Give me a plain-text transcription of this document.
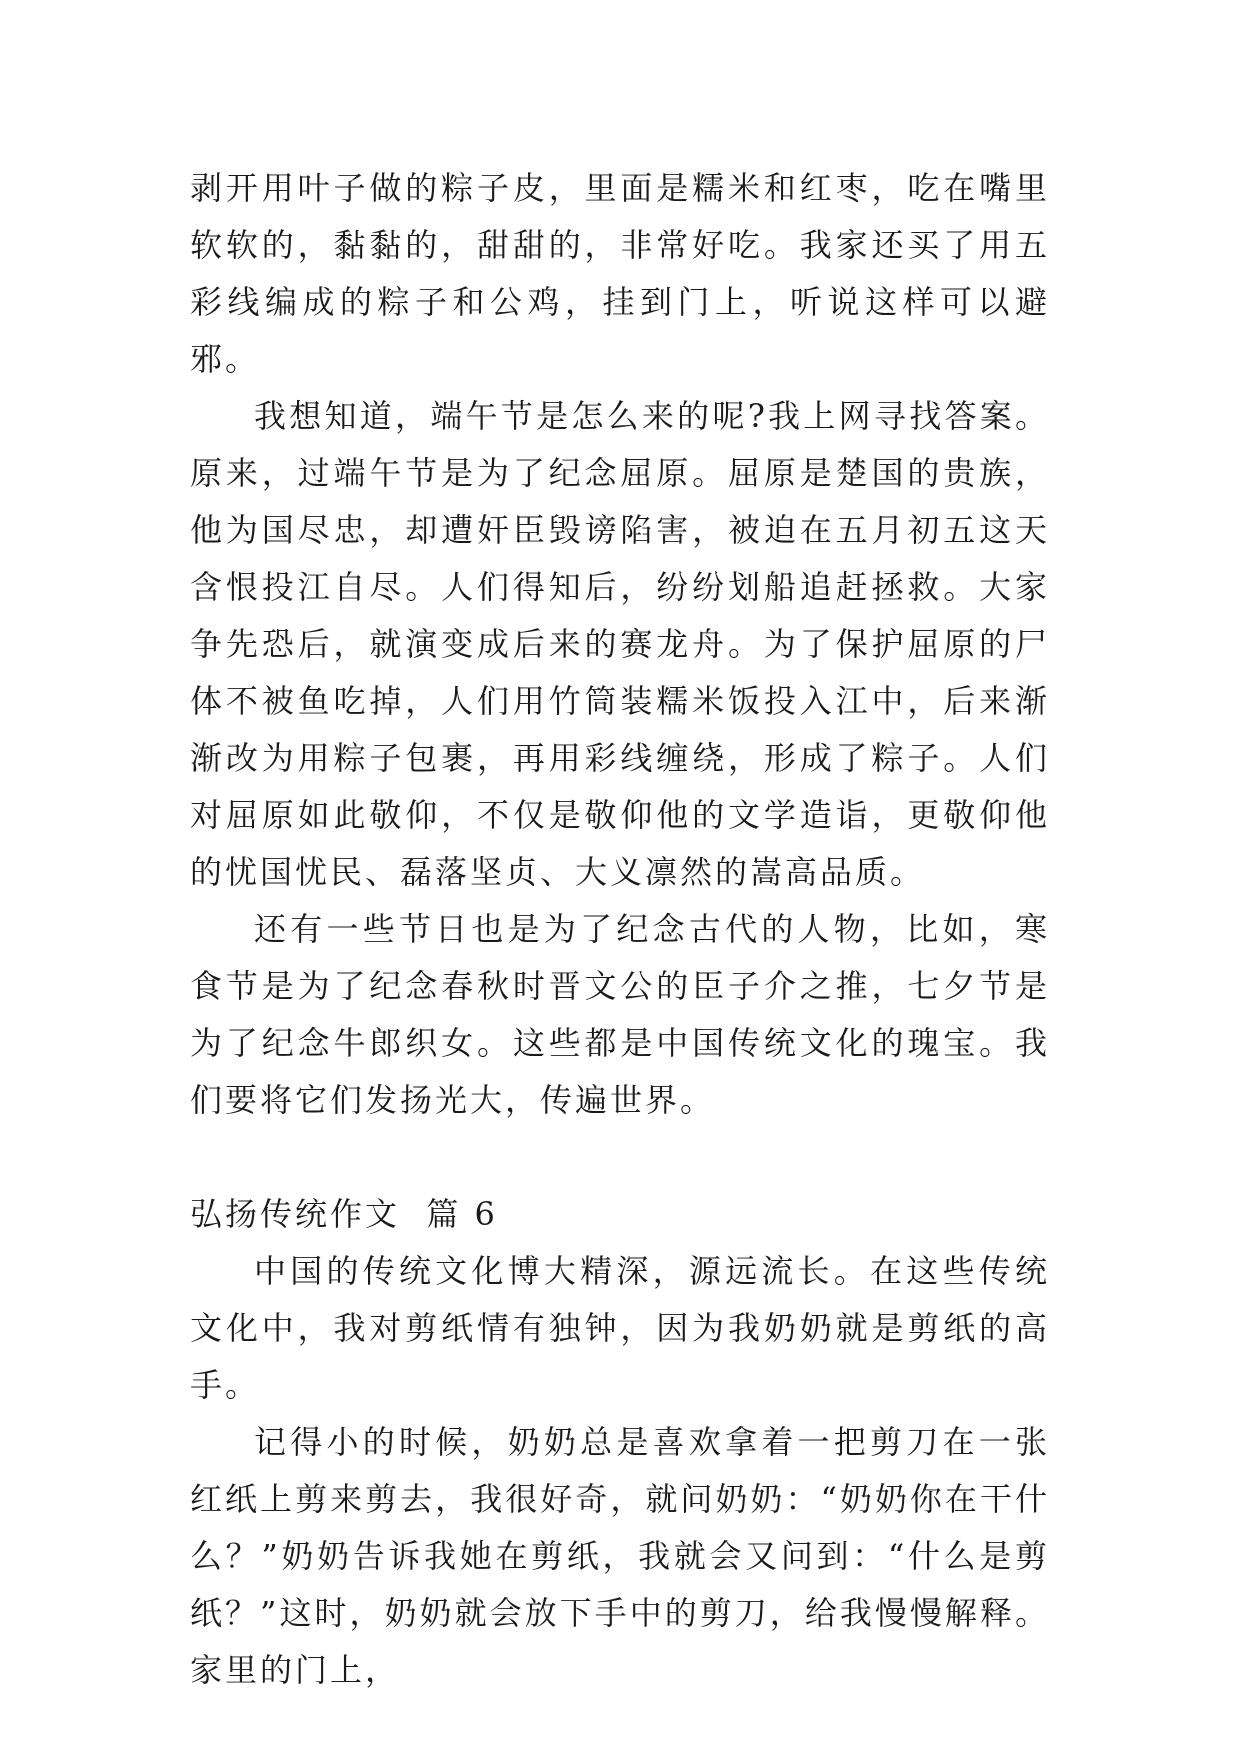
剥开用叶子做的粽子皮，里面是糯米和红枣，吃在嘴里软软的，黏黏的，甜甜的，非常好吃。我家还买了用五彩线编成的粽子和公鸡，挂到门上，听说这样可以避邪。

我想知道，端午节是怎么来的呢?我上网寻找答案。原来，过端午节是为了纪念屈原。屈原是楚国的贵族，他为国尽忠，却遭奸臣毁谤陷害，被迫在五月初五这天含恨投江自尽。人们得知后，纷纷划船追赶拯救。大家争先恐后，就演变成后来的赛龙舟。为了保护屈原的尸体不被鱼吃掉，人们用竹筒装糯米饭投入江中，后来渐渐改为用粽子包裹，再用彩线缠绕，形成了粽子。人们对屈原如此敬仰，不仅是敬仰他的文学造诣，更敬仰他的忧国忧民、磊落坚贞、大义凛然的嵩高品质。

还有一些节日也是为了纪念古代的人物，比如，寒食节是为了纪念春秋时晋文公的臣子介之推，七夕节是为了纪念牛郎织女。这些都是中国传统文化的瑰宝。我们要将它们发扬光大，传遍世界。

弘扬传统作文  篇 6

中国的传统文化博大精深，源远流长。在这些传统文化中，我对剪纸情有独钟，因为我奶奶就是剪纸的高手。

记得小的时候，奶奶总是喜欢拿着一把剪刀在一张红纸上剪来剪去，我很好奇，就问奶奶：“奶奶你在干什么？”奶奶告诉我她在剪纸，我就会又问到：“什么是剪纸？”这时，奶奶就会放下手中的剪刀，给我慢慢解释。家里的门上，
